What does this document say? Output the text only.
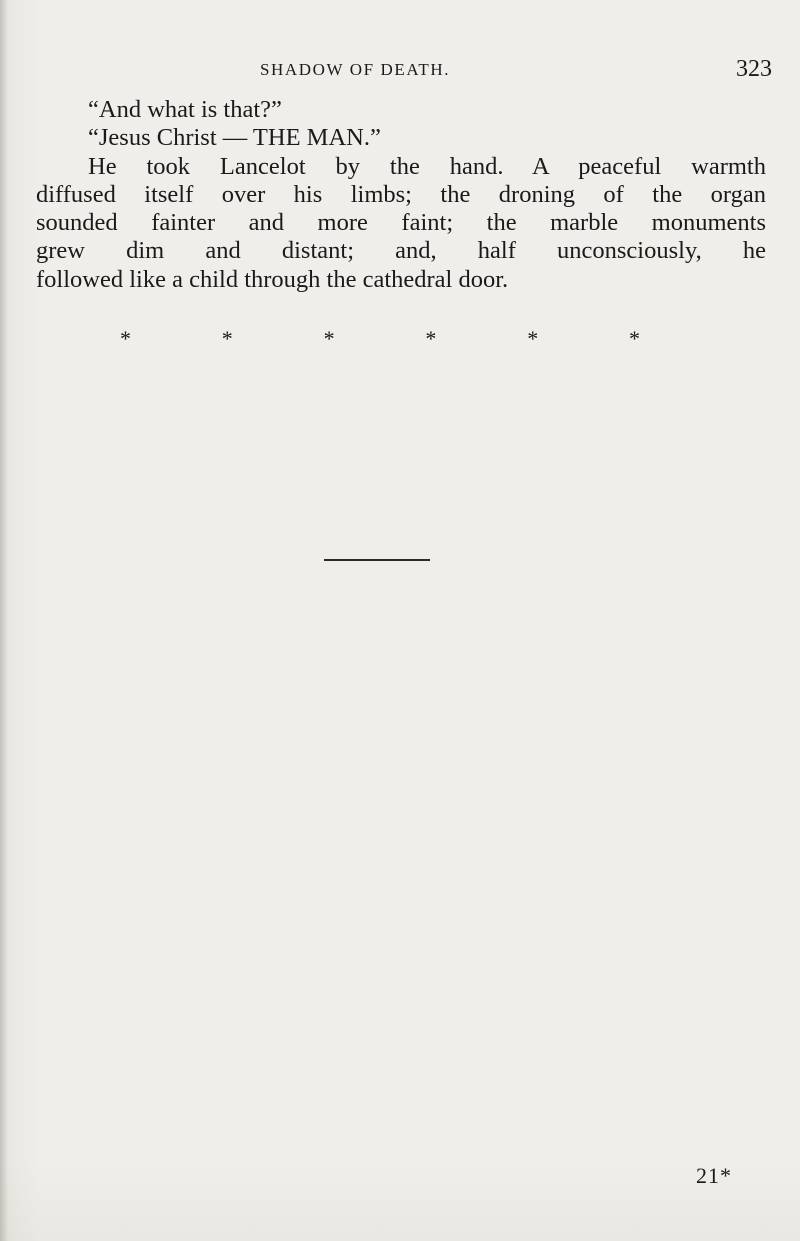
SHADOW OF DEATH.	323
“And what is that?”
“Jesus Christ — THE MAN.”
He took Lancelot by the hand. A peaceful warmth
diffused itself over his limbs; the droning of the organ
sounded fainter and more faint; the marble monuments
grew dim and distant; and, half unconsciously, he
followed like a child through the cathedral door.
*	*	*	*	*	*
21*
